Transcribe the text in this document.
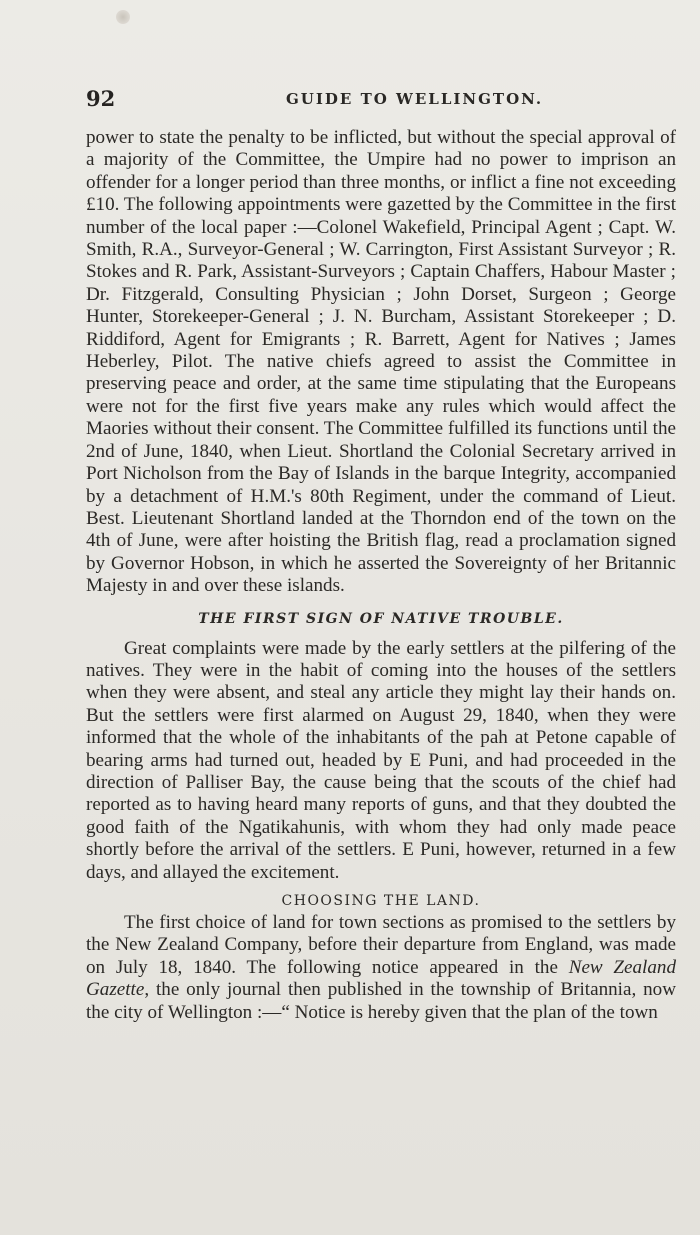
92	GUIDE TO WELLINGTON.

power to state the penalty to be inflicted, but without the special approval of a majority of the Committee, the Umpire had no power to imprison an offender for a longer period than three months, or inflict a fine not exceeding £10. The following appointments were gazetted by the Committee in the first number of the local paper :—Colonel Wakefield, Principal Agent ; Capt. W. Smith, R.A., Surveyor-General ; W. Carrington, First Assistant Surveyor ; R. Stokes and R. Park, Assistant-Surveyors ; Captain Chaffers, Habour Master ; Dr. Fitzgerald, Consulting Physician ; John Dorset, Surgeon ; George Hunter, Storekeeper-General ; J. N. Burcham, Assistant Storekeeper ; D. Riddiford, Agent for Emigrants ; R. Barrett, Agent for Natives ; James Heberley, Pilot. The native chiefs agreed to assist the Committee in preserving peace and order, at the same time stipulating that the Europeans were not for the first five years make any rules which would affect the Maories without their consent. The Committee fulfilled its functions until the 2nd of June, 1840, when Lieut. Shortland the Colonial Secretary arrived in Port Nicholson from the Bay of Islands in the barque Integrity, accompanied by a detachment of H.M.'s 80th Regiment, under the command of Lieut. Best. Lieutenant Shortland landed at the Thorndon end of the town on the 4th of June, were after hoisting the British flag, read a proclamation signed by Governor Hobson, in which he asserted the Sovereignty of her Britannic Majesty in and over these islands.

THE FIRST SIGN OF NATIVE TROUBLE.

Great complaints were made by the early settlers at the pilfering of the natives. They were in the habit of coming into the houses of the settlers when they were absent, and steal any article they might lay their hands on. But the settlers were first alarmed on August 29, 1840, when they were informed that the whole of the inhabitants of the pah at Petone capable of bearing arms had turned out, headed by E Puni, and had proceeded in the direction of Palliser Bay, the cause being that the scouts of the chief had reported as to having heard many reports of guns, and that they doubted the good faith of the Ngatikahunis, with whom they had only made peace shortly before the arrival of the settlers. E Puni, however, returned in a few days, and allayed the excitement.

CHOOSING THE LAND.

The first choice of land for town sections as promised to the settlers by the New Zealand Company, before their departure from England, was made on July 18, 1840. The following notice appeared in the New Zealand Gazette, the only journal then published in the township of Britannia, now the city of Wellington :—“ Notice is hereby given that the plan of the town
